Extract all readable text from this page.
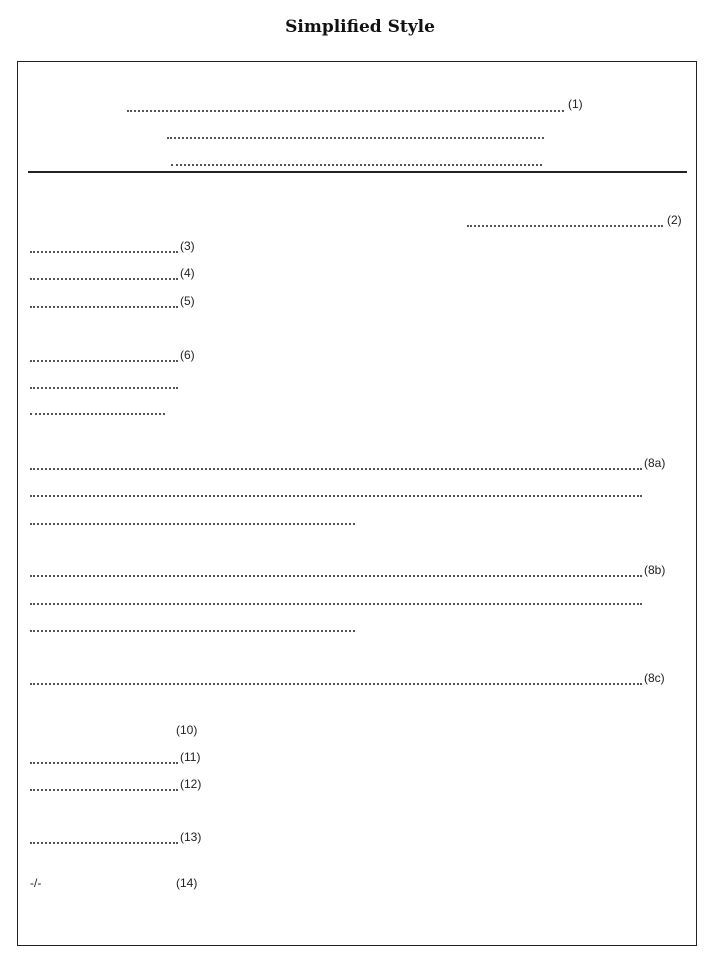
Simplified Style
(1)
(2)
(3)
(4)
(5)
(6)
(8a)
(8b)
(8c)
(10)
(11)
(12)
(13)
-/-	(14)
